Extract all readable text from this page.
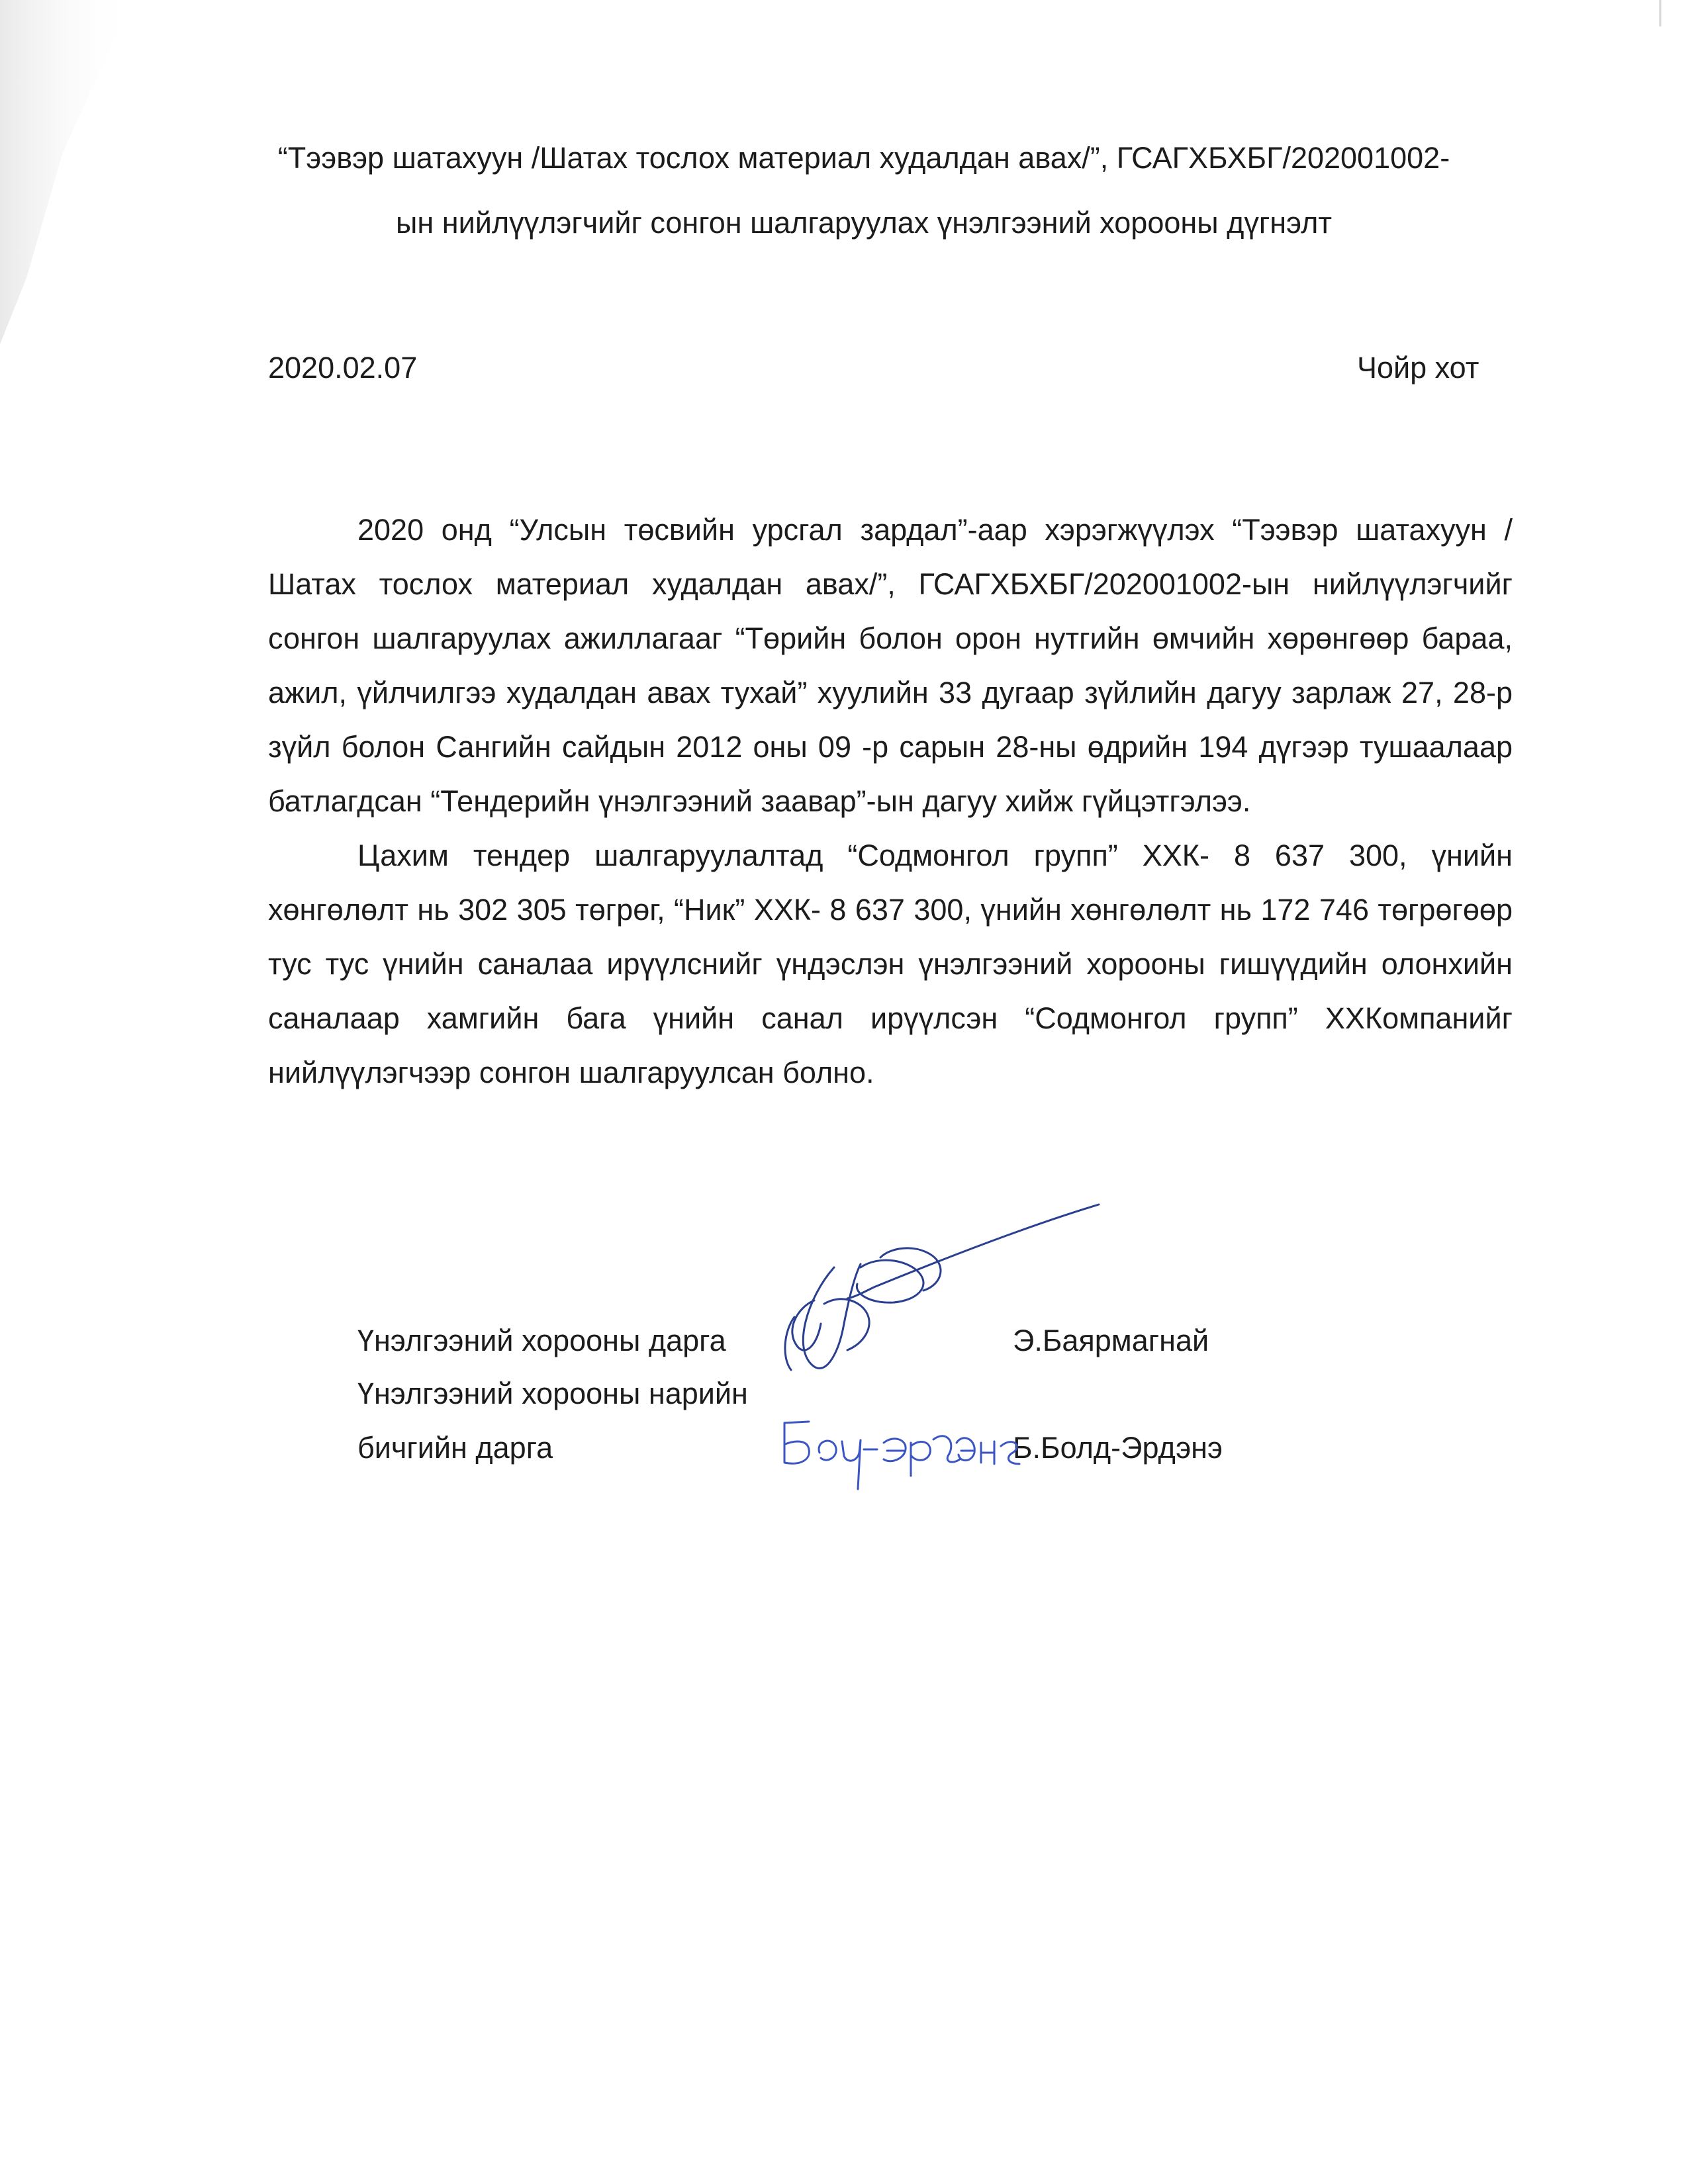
“Тээвэр шатахуун /Шатах тослох материал худалдан авах/”, ГСАГХБХБГ/202001002-
ын нийлүүлэгчийг сонгон шалгаруулах үнэлгээний хорооны дүгнэлт
2020.02.07	Чойр хот

2020 онд “Улсын төсвийн урсгал зардал”-аар хэрэгжүүлэх “Тээвэр шатахуун /Шатах тослох материал худалдан авах/”, ГСАГХБХБГ/202001002-ын нийлүүлэгчийг сонгон шалгаруулах ажиллагааг “Төрийн болон орон нутгийн өмчийн хөрөнгөөр бараа, ажил, үйлчилгээ худалдан авах тухай” хуулийн 33 дугаар зүйлийн дагуу зарлаж 27, 28-р зүйл болон Сангийн сайдын 2012 оны 09 -р сарын 28-ны өдрийн 194 дүгээр тушаалаар батлагдсан “Тендерийн үнэлгээний заавар”-ын дагуу хийж гүйцэтгэлээ.

Цахим тендер шалгаруулалтад “Содмонгол групп” ХХК- 8 637 300, үнийн хөнгөлөлт нь 302 305 төгрөг, “Ник” ХХК- 8 637 300, үнийн хөнгөлөлт нь 172 746 төгрөгөөр тус тус үнийн саналаа ирүүлснийг үндэслэн үнэлгээний хорооны гишүүдийн олонхийн саналаар хамгийн бага үнийн санал ирүүлсэн “Содмонгол групп” ХХКомпанийг нийлүүлэгчээр сонгон шалгаруулсан болно.

Үнэлгээний хорооны дарга	Э.Баярмагнай
Үнэлгээний хорооны нарийн
бичгийн дарга	Б.Болд-Эрдэнэ
